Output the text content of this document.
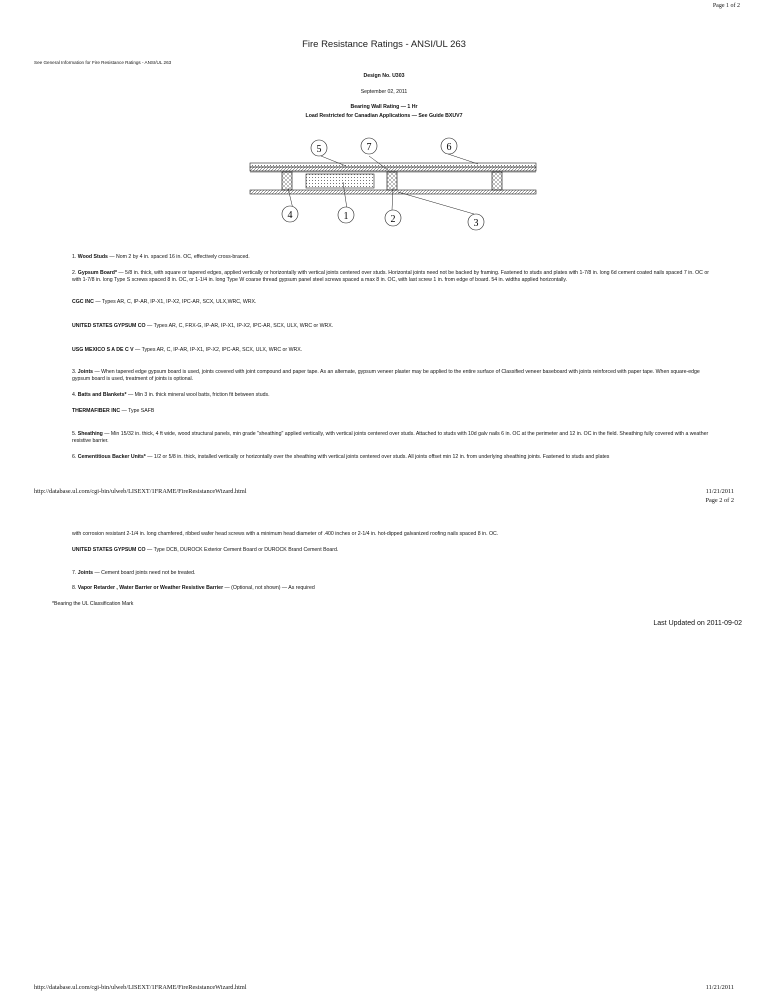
Page 1 of 2
Fire Resistance Ratings - ANSI/UL 263
See General Information for Fire Resistance Ratings - ANSI/UL 263
Design No. U303
September 02, 2011
Bearing Wall Rating — 1 Hr
Load Restricted for Canadian Applications — See Guide BXUV7
5	7	6
4	1	2	3
1. Wood Studs — Nom 2 by 4 in. spaced 16 in. OC, effectively cross-braced.
2. Gypsum Board* — 5/8 in. thick, with square or tapered edges, applied vertically or horizontally with vertical joints centered over studs. Horizontal joints need not be backed by framing. Fastened to studs and plates with 1-7/8 in. long 6d cement coated nails spaced 7 in. OC or with 1-7/8 in. long Type S screws spaced 8 in. OC, or 1-1/4 in. long Type W coarse thread gypsum panel steel screws spaced a max 8 in. OC, with last screw 1 in. from edge of board. 54 in. widths applied horizontally.
CGC INC — Types AR, C, IP-AR, IP-X1, IP-X2, IPC-AR, SCX, ULX,WRC, WRX.
UNITED STATES GYPSUM CO — Types AR, C, FRX-G, IP-AR, IP-X1, IP-X2, IPC-AR, SCX, ULX, WRC or WRX.
USG MEXICO S A DE C V — Types AR, C, IP-AR, IP-X1, IP-X2, IPC-AR, SCX, ULX, WRC or WRX.
3. Joints — When tapered edge gypsum board is used, joints covered with joint compound and paper tape. As an alternate, gypsum veneer plaster may be applied to the entire surface of Classified veneer baseboard with joints reinforced with paper tape. When square-edge gypsum board is used, treatment of joints is optional.
4. Batts and Blankets* — Min 3 in. thick mineral wool batts, friction fit between studs.
THERMAFIBER INC — Type SAFB
5. Sheathing — Min 15/32 in. thick, 4 ft wide, wood structural panels, min grade "sheathing" applied vertically, with vertical joints centered over studs. Attached to studs with 10d galv nails 6 in. OC at the perimeter and 12 in. OC in the field. Sheathing fully covered with a weather resistive barrier.
6. Cementitious Backer Units* — 1/2 or 5/8 in. thick, installed vertically or horizontally over the sheathing with vertical joints centered over studs. All joints offset min 12 in. from underlying sheathing joints. Fastened to studs and plates
http://database.ul.com/cgi-bin/ulweb/LISEXT/1FRAME/FireResistanceWizard.html	11/21/2011
Page 2 of 2
with corrosion resistant 2-1/4 in. long chamfered, ribbed wafer head screws with a minimum head diameter of .400 inches or 2-1/4 in. hot-dipped galvanized roofing nails spaced 8 in. OC.
UNITED STATES GYPSUM CO — Type DCB, DUROCK Exterior Cement Board or DUROCK Brand Cement Board.
7. Joints — Cement board joints need not be treated.
8. Vapor Retarder , Water Barrier or Weather Resistive Barrier — (Optional, not shown) — As required
*Bearing the UL Classification Mark
Last Updated on 2011-09-02
http://database.ul.com/cgi-bin/ulweb/LISEXT/1FRAME/FireResistanceWizard.html	11/21/2011
